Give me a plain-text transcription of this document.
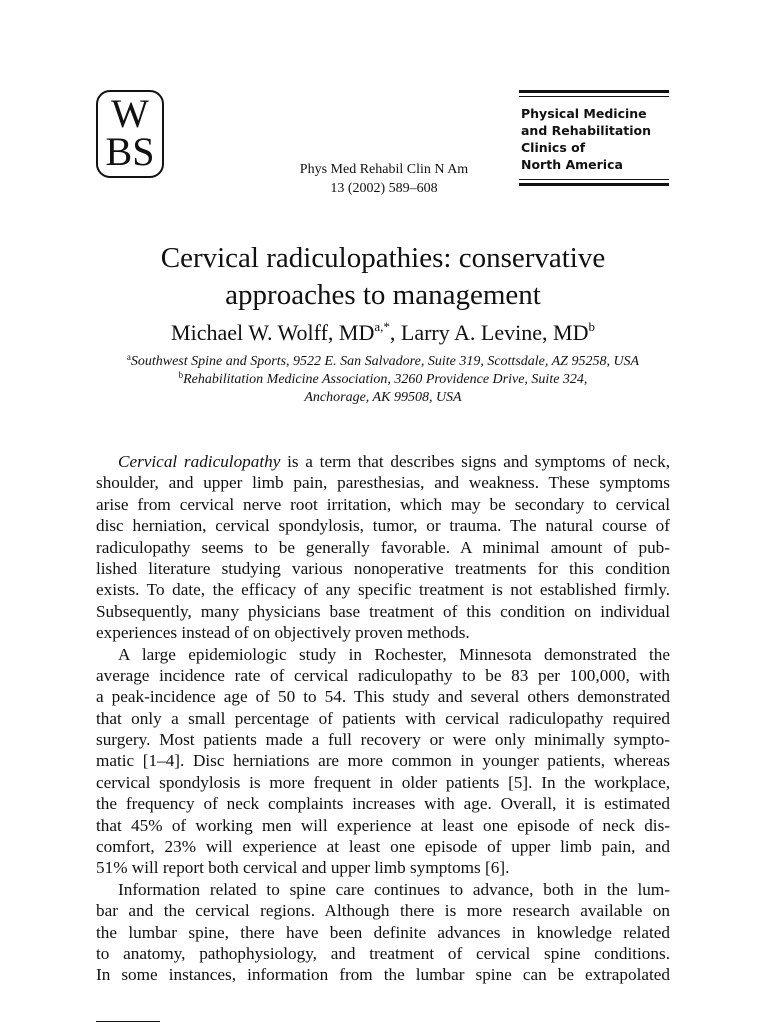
W
BS	Phys Med Rehabil Clin N Am
13 (2002) 589–608
Physical Medicine
and Rehabilitation
Clinics of
North America
Cervical radiculopathies: conservative
approaches to management
Michael W. Wolff, $MD^{a,*}$, Larry A. Levine, $MD^b$
$^a$Southwest Spine and Sports, 9522 E. San Salvadore, Suite 319, Scottsdale, AZ 95258, USA
$^b$Rehabilitation Medicine Association, 3260 Providence Drive, Suite 324,
Anchorage, AK 99508, USA
Cervical radiculopathy is a term that describes signs and symptoms of neck,
shoulder, and upper limb pain, paresthesias, and weakness. These symptoms
arise from cervical nerve root irritation, which may be secondary to cervical
disc herniation, cervical spondylosis, tumor, or trauma. The natural course of
radiculopathy seems to be generally favorable. A minimal amount of pub-
lished literature studying various nonoperative treatments for this condition
exists. To date, the efficacy of any specific treatment is not established firmly.
Subsequently, many physicians base treatment of this condition on individual
experiences instead of on objectively proven methods.
A large epidemiologic study in Rochester, Minnesota demonstrated the
average incidence rate of cervical radiculopathy to be 83 per 100,000, with
a peak-incidence age of 50 to 54. This study and several others demonstrated
that only a small percentage of patients with cervical radiculopathy required
surgery. Most patients made a full recovery or were only minimally sympto-
matic [1–4]. Disc herniations are more common in younger patients, whereas
cervical spondylosis is more frequent in older patients [5]. In the workplace,
the frequency of neck complaints increases with age. Overall, it is estimated
that 45% of working men will experience at least one episode of neck dis-
comfort, 23% will experience at least one episode of upper limb pain, and
51% will report both cervical and upper limb symptoms [6].
Information related to spine care continues to advance, both in the lum-
bar and the cervical regions. Although there is more research available on
the lumbar spine, there have been definite advances in knowledge related
to anatomy, pathophysiology, and treatment of cervical spine conditions.
In some instances, information from the lumbar spine can be extrapolated
